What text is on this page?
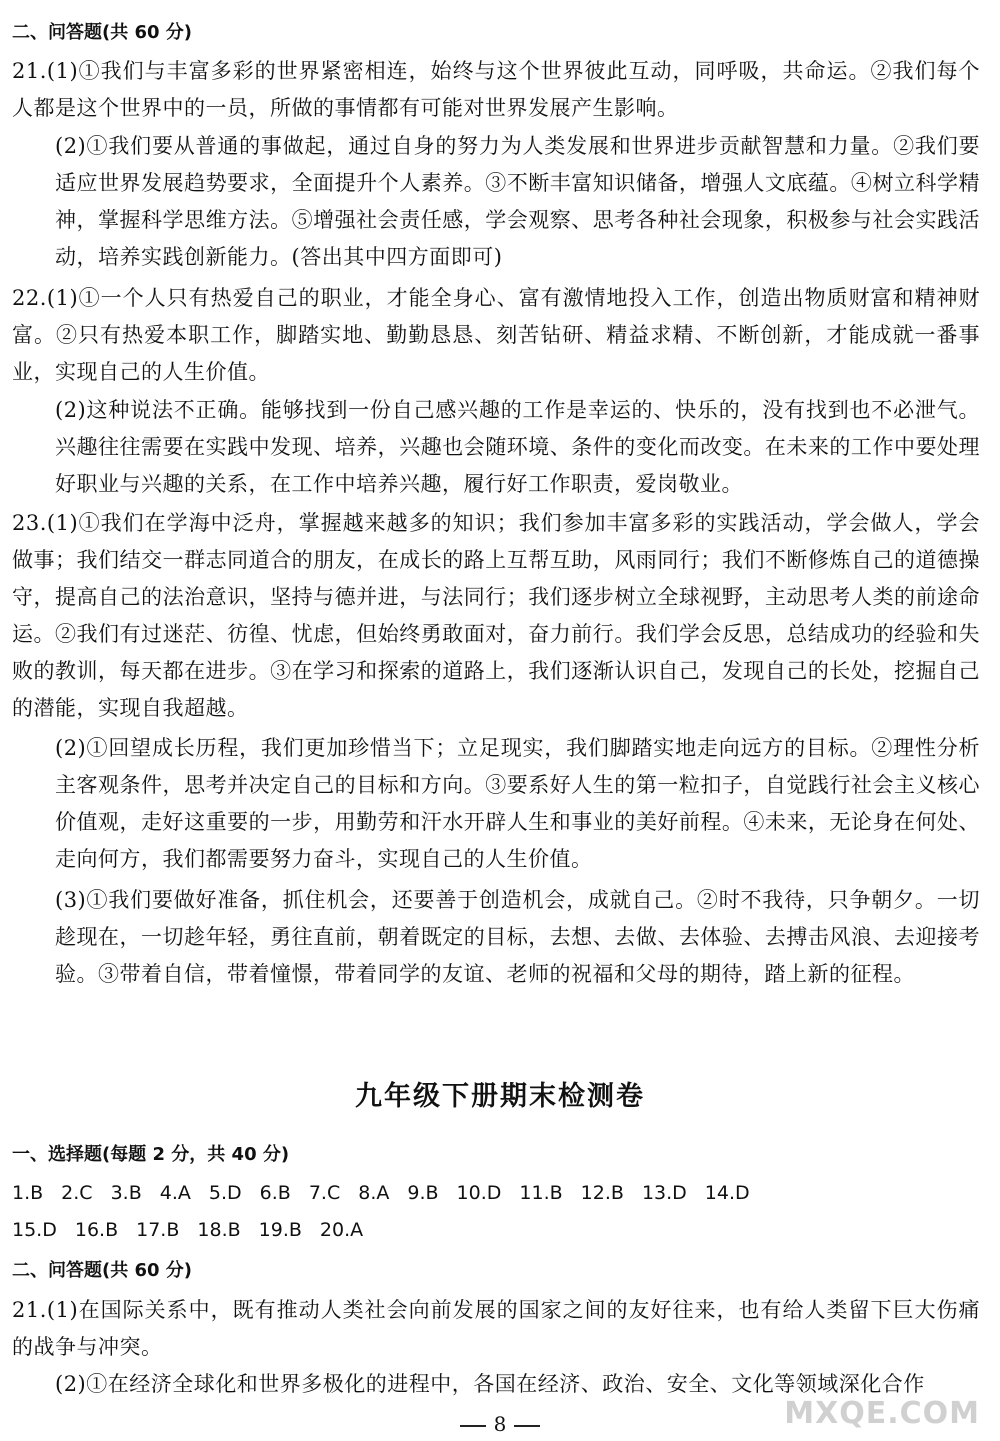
二、问答题(共 60 分)
21.(1)①我们与丰富多彩的世界紧密相连，始终与这个世界彼此互动，同呼吸，共命运。②我们每个人都是这个世界中的一员，所做的事情都有可能对世界发展产生影响。
(2)①我们要从普通的事做起，通过自身的努力为人类发展和世界进步贡献智慧和力量。②我们要适应世界发展趋势要求，全面提升个人素养。③不断丰富知识储备，增强人文底蕴。④树立科学精神，掌握科学思维方法。⑤增强社会责任感，学会观察、思考各种社会现象，积极参与社会实践活动，培养实践创新能力。(答出其中四方面即可)
22.(1)①一个人只有热爱自己的职业，才能全身心、富有激情地投入工作，创造出物质财富和精神财富。②只有热爱本职工作，脚踏实地、勤勤恳恳、刻苦钻研、精益求精、不断创新，才能成就一番事业，实现自己的人生价值。
(2)这种说法不正确。能够找到一份自己感兴趣的工作是幸运的、快乐的，没有找到也不必泄气。兴趣往往需要在实践中发现、培养，兴趣也会随环境、条件的变化而改变。在未来的工作中要处理好职业与兴趣的关系，在工作中培养兴趣，履行好工作职责，爱岗敬业。
23.(1)①我们在学海中泛舟，掌握越来越多的知识；我们参加丰富多彩的实践活动，学会做人，学会做事；我们结交一群志同道合的朋友，在成长的路上互帮互助，风雨同行；我们不断修炼自己的道德操守，提高自己的法治意识，坚持与德并进，与法同行；我们逐步树立全球视野，主动思考人类的前途命运。②我们有过迷茫、彷徨、忧虑，但始终勇敢面对，奋力前行。我们学会反思，总结成功的经验和失败的教训，每天都在进步。③在学习和探索的道路上，我们逐渐认识自己，发现自己的长处，挖掘自己的潜能，实现自我超越。
(2)①回望成长历程，我们更加珍惜当下；立足现实，我们脚踏实地走向远方的目标。②理性分析主客观条件，思考并决定自己的目标和方向。③要系好人生的第一粒扣子，自觉践行社会主义核心价值观，走好这重要的一步，用勤劳和汗水开辟人生和事业的美好前程。④未来，无论身在何处、走向何方，我们都需要努力奋斗，实现自己的人生价值。
(3)①我们要做好准备，抓住机会，还要善于创造机会，成就自己。②时不我待，只争朝夕。一切趁现在，一切趁年轻，勇往直前，朝着既定的目标，去想、去做、去体验、去搏击风浪、去迎接考验。③带着自信，带着憧憬，带着同学的友谊、老师的祝福和父母的期待，踏上新的征程。
九年级下册期末检测卷
一、选择题(每题 2 分，共 40 分)
1.B 2.C 3.B 4.A 5.D 6.B 7.C 8.A 9.B 10.D 11.B 12.B 13.D 14.D
15.D 16.B 17.B 18.B 19.B 20.A
二、问答题(共 60 分)
21.(1)在国际关系中，既有推动人类社会向前发展的国家之间的友好往来，也有给人类留下巨大伤痛的战争与冲突。
(2)①在经济全球化和世界多极化的进程中，各国在经济、政治、安全、文化等领域深化合作
8	MXQE.COM
